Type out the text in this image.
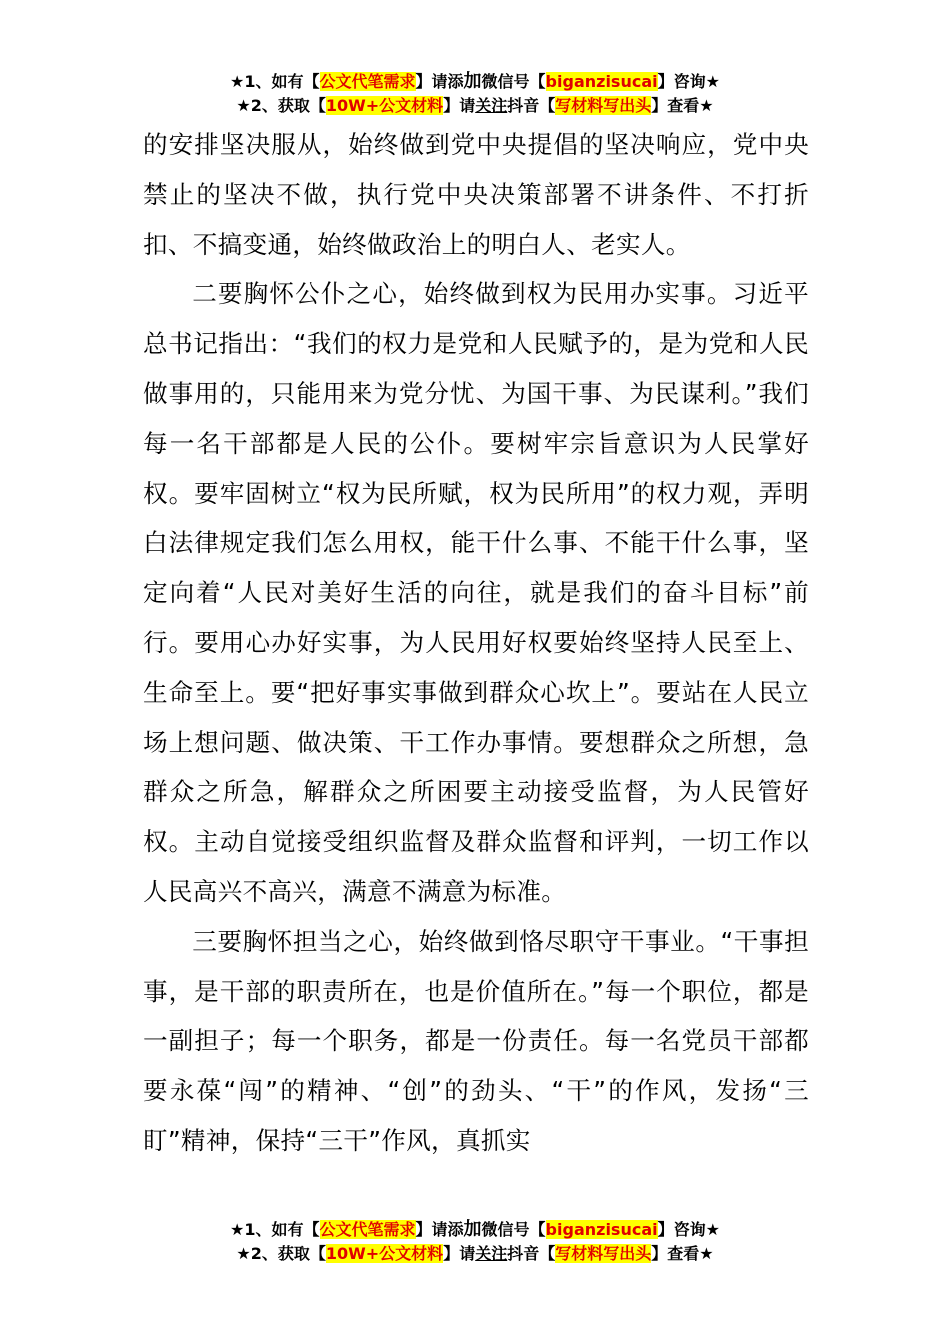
★1、如有【公文代笔需求】请添加微信号【biganzisucai】咨询★
★2、获取【10W+公文材料】请关注抖音【写材料写出头】查看★

的安排坚决服从，始终做到党中央提倡的坚决响应，党中央禁止的坚决不做，执行党中央决策部署不讲条件、不打折扣、不搞变通，始终做政治上的明白人、老实人。

二要胸怀公仆之心，始终做到权为民用办实事。习近平总书记指出：“我们的权力是党和人民赋予的，是为党和人民做事用的，只能用来为党分忧、为国干事、为民谋利。”我们每一名干部都是人民的公仆。要树牢宗旨意识为人民掌好权。要牢固树立“权为民所赋，权为民所用”的权力观，弄明白法律规定我们怎么用权，能干什么事、不能干什么事，坚定向着“人民对美好生活的向往，就是我们的奋斗目标”前行。要用心办好实事，为人民用好权要始终坚持人民至上、生命至上。要“把好事实事做到群众心坎上”。要站在人民立场上想问题、做决策、干工作办事情。要想群众之所想，急群众之所急，解群众之所困要主动接受监督，为人民管好权。主动自觉接受组织监督及群众监督和评判，一切工作以人民高兴不高兴，满意不满意为标准。

三要胸怀担当之心，始终做到恪尽职守干事业。“干事担事，是干部的职责所在，也是价值所在。”每一个职位，都是一副担子；每一个职务，都是一份责任。每一名党员干部都要永葆“闯”的精神、“创”的劲头、“干”的作风，发扬“三盯”精神，保持“三干”作风，真抓实

★1、如有【公文代笔需求】请添加微信号【biganzisucai】咨询★
★2、获取【10W+公文材料】请关注抖音【写材料写出头】查看★
